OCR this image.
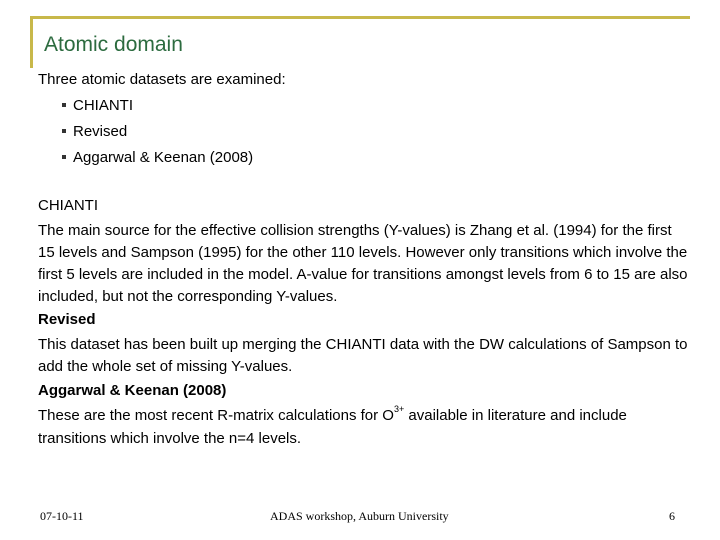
Atomic domain
Three atomic datasets are examined:
CHIANTI
Revised
Aggarwal & Keenan (2008)
CHIANTI
The main source for the effective collision strengths (Y-values) is Zhang et al. (1994) for the first 15 levels and Sampson (1995) for the other 110 levels. However only transitions which involve the first 5 levels are included in the model. A-value for transitions amongst levels from 6 to 15 are also included, but not the corresponding Y-values.
Revised
This dataset has been built up merging the CHIANTI data with the DW calculations of Sampson to add the whole set of missing Y-values.
Aggarwal & Keenan (2008)
These are the most recent R-matrix calculations for $O^{3+}$ available in literature and include transitions which involve the n=4 levels.
07-10-11	ADAS workshop, Auburn University	6
